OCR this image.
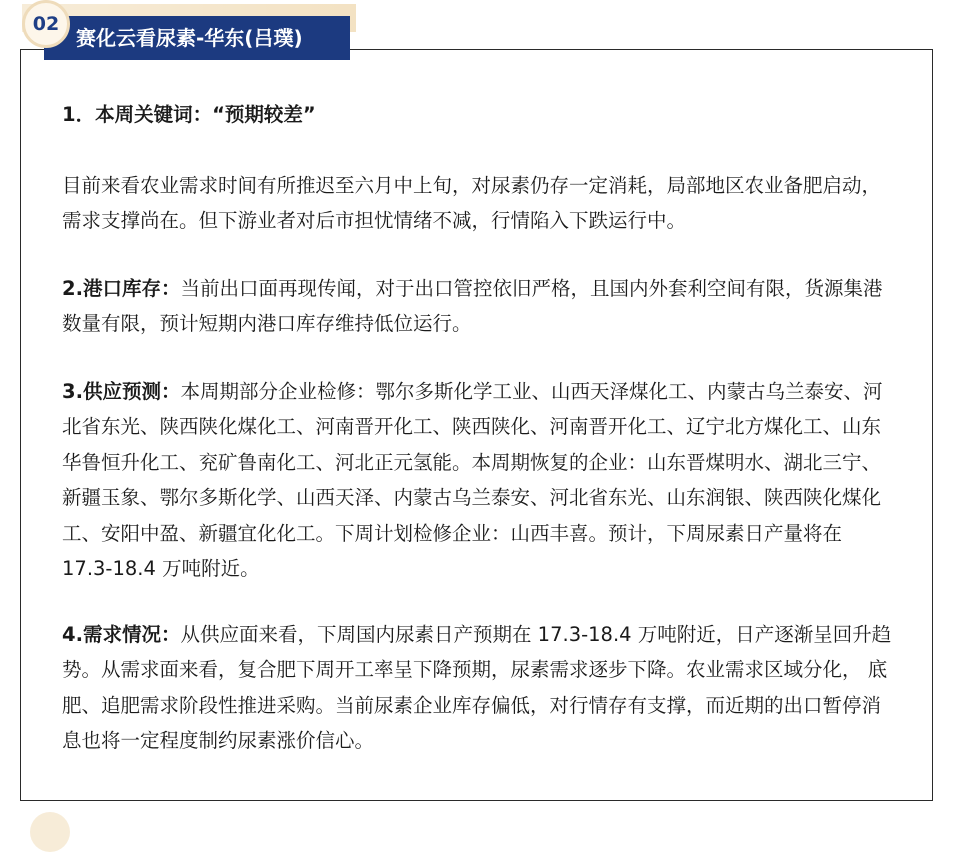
02
赛化云看尿素-华东(吕璞)
1．本周关键词：“预期较差”
目前来看农业需求时间有所推迟至六月中上旬，对尿素仍存一定消耗，局部地区农业备肥启动，需求支撑尚在。但下游业者对后市担忧情绪不减，行情陷入下跌运行中。
2.港口库存：当前出口面再现传闻，对于出口管控依旧严格，且国内外套利空间有限，货源集港数量有限，预计短期内港口库存维持低位运行。
3.供应预测：本周期部分企业检修：鄂尔多斯化学工业、山西天泽煤化工、内蒙古乌兰泰安、河北省东光、陕西陕化煤化工、河南晋开化工、陕西陕化、河南晋开化工、辽宁北方煤化工、山东华鲁恒升化工、兖矿鲁南化工、河北正元氢能。本周期恢复的企业：山东晋煤明水、湖北三宁、新疆玉象、鄂尔多斯化学、山西天泽、内蒙古乌兰泰安、河北省东光、山东润银、陕西陕化煤化工、安阳中盈、新疆宜化化工。下周计划检修企业：山西丰喜。预计，下周尿素日产量将在 17.3-18.4 万吨附近。
4.需求情况：从供应面来看，下周国内尿素日产预期在 17.3-18.4 万吨附近，日产逐渐呈回升趋势。从需求面来看，复合肥下周开工率呈下降预期，尿素需求逐步下降。农业需求区域分化， 底肥、追肥需求阶段性推进采购。当前尿素企业库存偏低，对行情存有支撑，而近期的出口暂停消息也将一定程度制约尿素涨价信心。
